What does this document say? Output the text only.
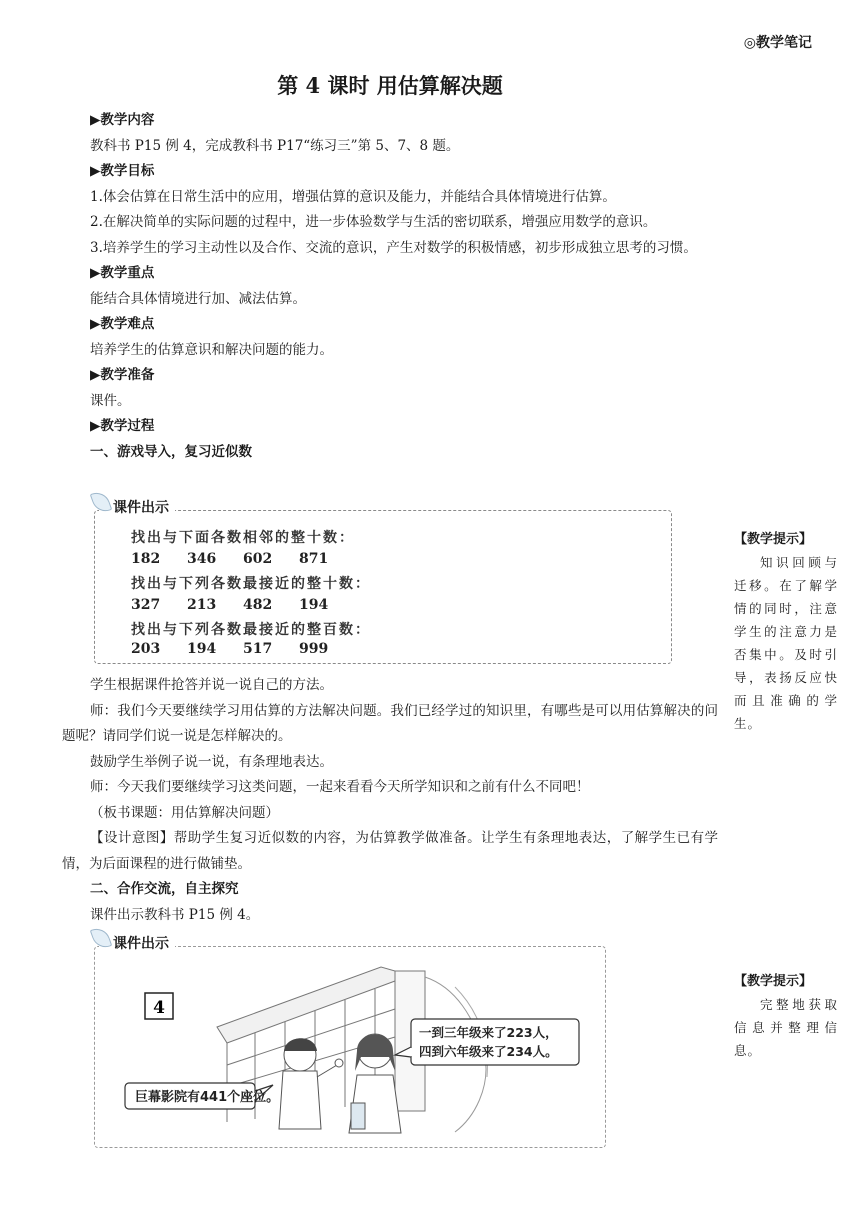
◎教学笔记
第 4 课时 用估算解决题

▶教学内容

教科书 P15 例 4，完成教科书 P17“练习三”第 5、7、8 题。

▶教学目标

1.体会估算在日常生活中的应用，增强估算的意识及能力，并能结合具体情境进行估算。

2.在解决简单的实际问题的过程中，进一步体验数学与生活的密切联系，增强应用数学的意识。

3.培养学生的学习主动性以及合作、交流的意识，产生对数学的积极情感，初步形成独立思考的习惯。

▶教学重点

能结合具体情境进行加、减法估算。

▶教学难点

培养学生的估算意识和解决问题的能力。

▶教学准备

课件。

▶教学过程

一、游戏导入，复习近似数

课件出示
找出与下面各数相邻的整十数：
182 346 602 871
找出与下列各数最接近的整十数：
327 213 482 194
找出与下列各数最接近的整百数：
203 194 517 999
【教学提示】
知识回顾与迁移。在了解学情的同时，注意学生的注意力是否集中。及时引导，表扬反应快而且准确的学生。

学生根据课件抢答并说一说自己的方法。

师：我们今天要继续学习用估算的方法解决问题。我们已经学过的知识里，有哪些是可以用估算解决的问题呢？请同学们说一说是怎样解决的。

鼓励学生举例子说一说，有条理地表达。

师：今天我们要继续学习这类问题，一起来看看今天所学知识和之前有什么不同吧！

（板书课题：用估算解决问题）

【设计意图】帮助学生复习近似数的内容，为估算教学做准备。让学生有条理地表达，了解学生已有学情，为后面课程的进行做铺垫。

二、合作交流，自主探究

课件出示教科书 P15 例 4。

【教学提示】
完整地获取信息并整理信息。
课件出示
4
巨幕影院有441个座位。
一到三年级来了223人，
四到六年级来了234人。
